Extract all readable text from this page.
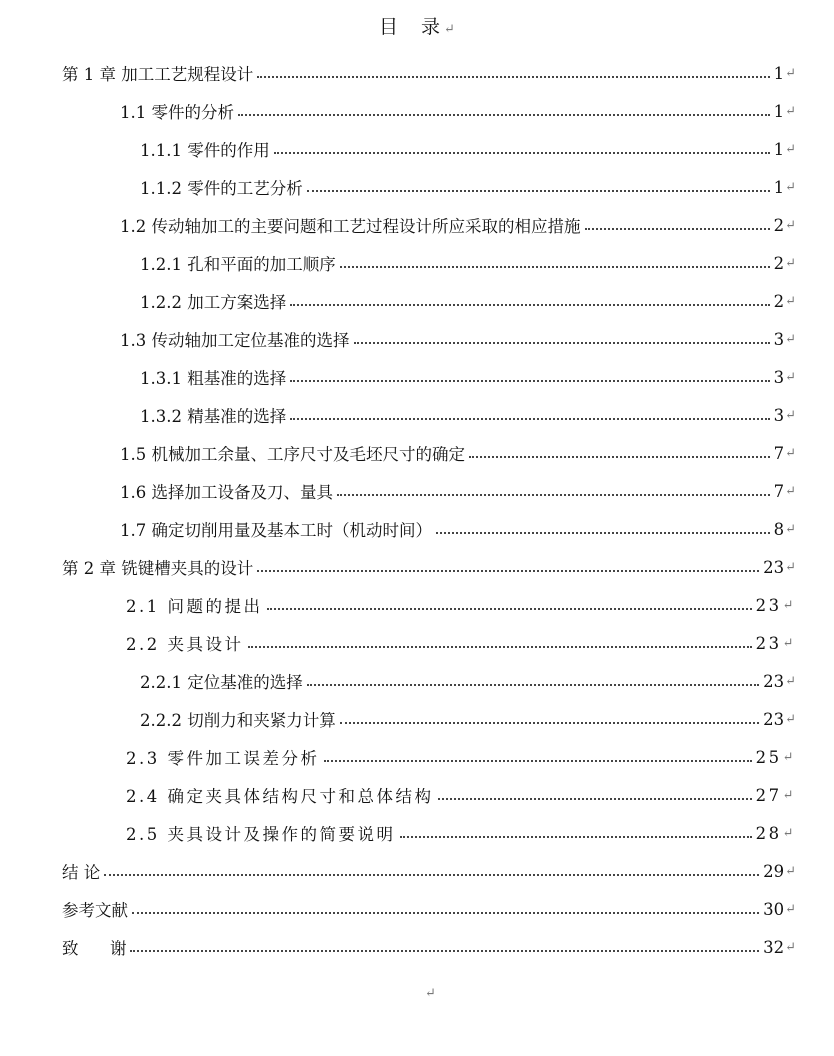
目　录 ↵
第 1 章 加工工艺规程设计	1 ↵
1.1 零件的分析	1 ↵
1.1.1 零件的作用	1 ↵
1.1.2 零件的工艺分析	1 ↵
1.2 传动轴加工的主要问题和工艺过程设计所应采取的相应措施	2 ↵
1.2.1 孔和平面的加工顺序	2 ↵
1.2.2 加工方案选择	2 ↵
1.3 传动轴加工定位基准的选择	3 ↵
1.3.1 粗基准的选择	3 ↵
1.3.2 精基准的选择	3 ↵
1.5 机械加工余量、工序尺寸及毛坯尺寸的确定	7 ↵
1.6 选择加工设备及刀、量具	7 ↵
1.7 确定切削用量及基本工时（机动时间）	8 ↵
第 2 章 铣键槽夹具的设计	23 ↵
2.1 问题的提出	23 ↵
2.2 夹具设计	23 ↵
2.2.1 定位基准的选择	23 ↵
2.2.2 切削力和夹紧力计算	23 ↵
2.3 零件加工误差分析	25 ↵
2.4 确定夹具体结构尺寸和总体结构	27 ↵
2.5 夹具设计及操作的简要说明	28 ↵
结 论	29 ↵
参考文献	30 ↵
致      谢	32 ↵
↵
